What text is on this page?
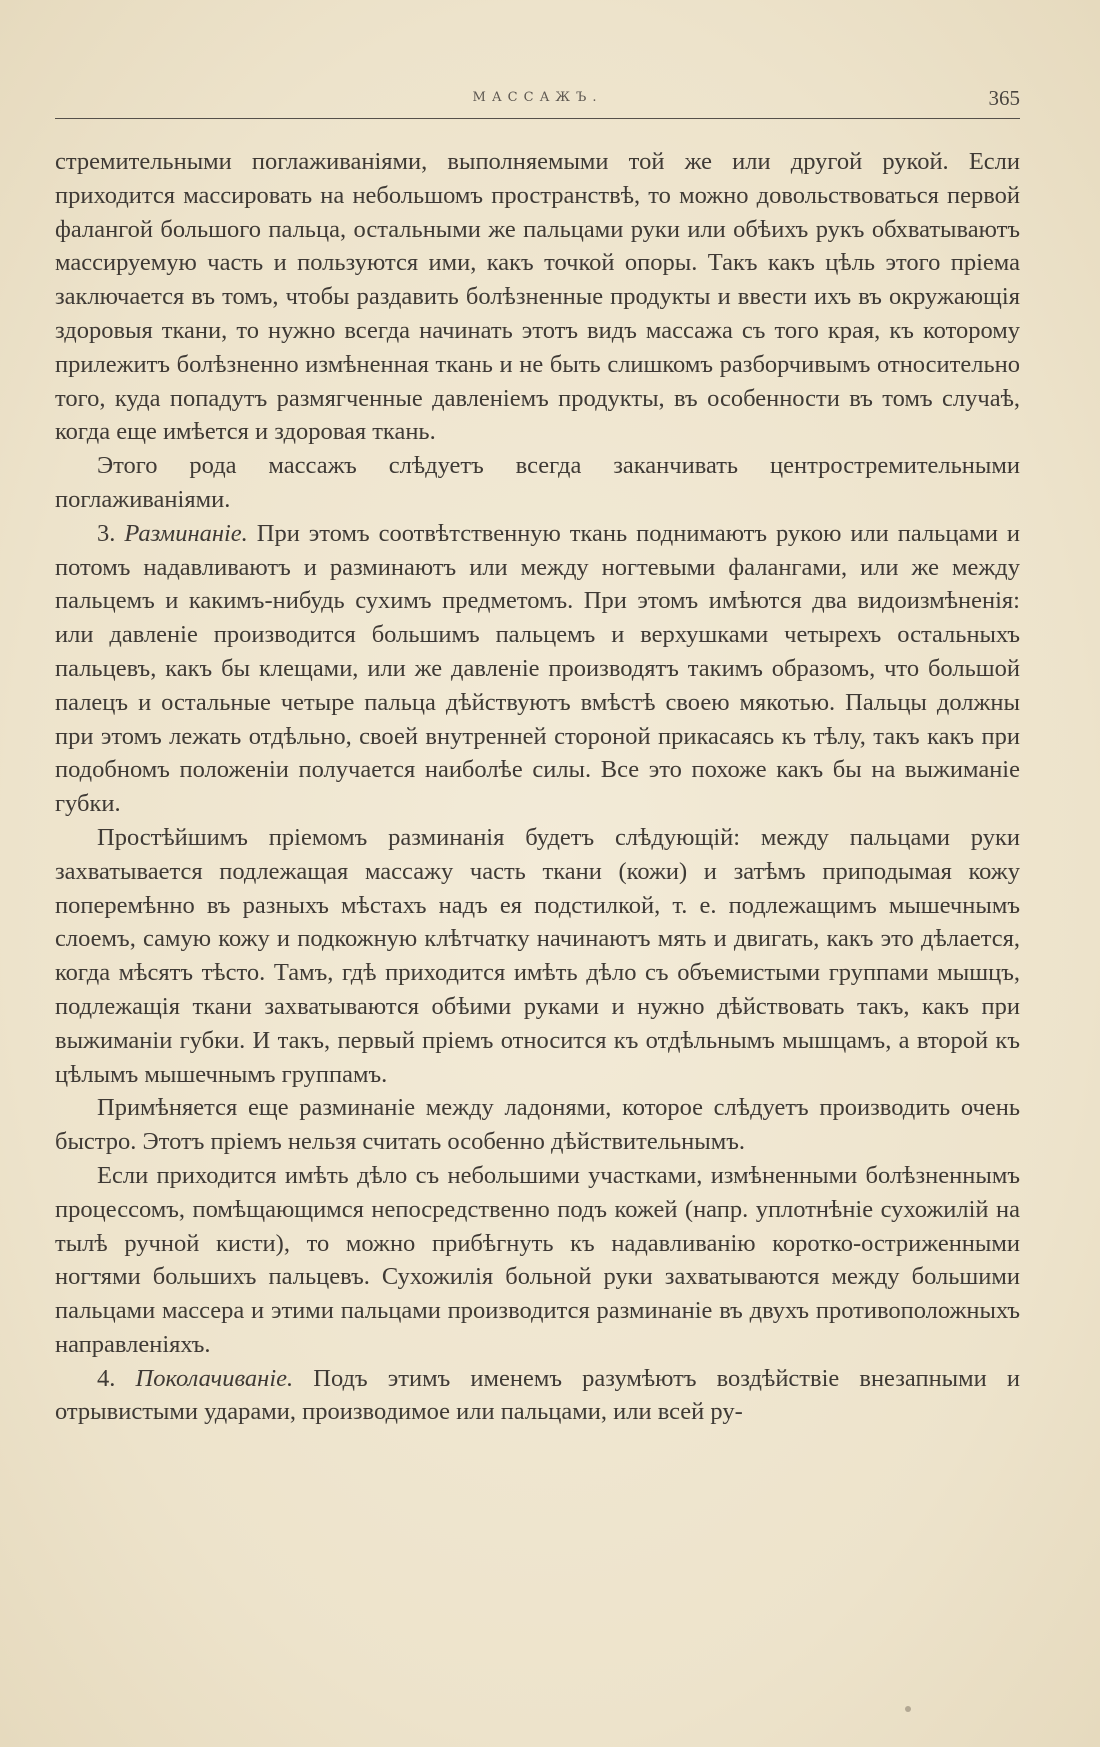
МАССАЖЪ.	365

стремительными поглаживаніями, выполняемыми той же или другой рукой. Если приходится массировать на небольшомъ пространствѣ, то можно довольствоваться первой фалангой большого пальца, остальными же пальцами руки или обѣихъ рукъ обхватываютъ массируемую часть и пользуются ими, какъ точкой опоры. Такъ какъ цѣль этого пріема заключается въ томъ, чтобы раздавить болѣзненные продукты и ввести ихъ въ окружающія здоровыя ткани, то нужно всегда начинать этотъ видъ массажа съ того края, къ которому прилежитъ болѣзненно измѣненная ткань и не быть слишкомъ разборчивымъ относительно того, куда попадутъ размягченные давленіемъ продукты, въ особенности въ томъ случаѣ, когда еще имѣется и здоровая ткань.

Этого рода массажъ слѣдуетъ всегда заканчивать центростремительными поглаживаніями.

3. Разминаніе. При этомъ соотвѣтственную ткань поднимаютъ рукою или пальцами и потомъ надавливаютъ и разминаютъ или между ногтевыми фалангами, или же между пальцемъ и какимъ-нибудь сухимъ предметомъ. При этомъ имѣются два видоизмѣненія: или давленіе производится большимъ пальцемъ и верхушками четырехъ остальныхъ пальцевъ, какъ бы клещами, или же давленіе производятъ такимъ образомъ, что большой палецъ и остальные четыре пальца дѣйствуютъ вмѣстѣ своею мякотью. Пальцы должны при этомъ лежать отдѣльно, своей внутренней стороной прикасаясь къ тѣлу, такъ какъ при подобномъ положеніи получается наиболѣе силы. Все это похоже какъ бы на выжиманіе губки.

Простѣйшимъ пріемомъ разминанія будетъ слѣдующій: между пальцами руки захватывается подлежащая массажу часть ткани (кожи) и затѣмъ приподымая кожу поперемѣнно въ разныхъ мѣстахъ надъ ея подстилкой, т. е. подлежащимъ мышечнымъ слоемъ, самую кожу и подкожную клѣтчатку начинаютъ мять и двигать, какъ это дѣлается, когда мѣсятъ тѣсто. Тамъ, гдѣ приходится имѣть дѣло съ объемистыми группами мышцъ, подлежащія ткани захватываются обѣими руками и нужно дѣйствовать такъ, какъ при выжиманіи губки. И такъ, первый пріемъ относится къ отдѣльнымъ мышцамъ, а второй къ цѣлымъ мышечнымъ группамъ.

Примѣняется еще разминаніе между ладонями, которое слѣдуетъ производить очень быстро. Этотъ пріемъ нельзя считать особенно дѣйствительнымъ.

Если приходится имѣть дѣло съ небольшими участками, измѣненными болѣзненнымъ процессомъ, помѣщающимся непосредственно подъ кожей (напр. уплотнѣніе сухожилій на тылѣ ручной кисти), то можно прибѣгнуть къ надавливанію коротко-остриженными ногтями большихъ пальцевъ. Сухожилія больной руки захватываются между большими пальцами массера и этими пальцами производится разминаніе въ двухъ противоположныхъ направленіяхъ.

4. Поколачиваніе. Подъ этимъ именемъ разумѣютъ воздѣйствіе внезапными и отрывистыми ударами, производимое или пальцами, или всей ру-
